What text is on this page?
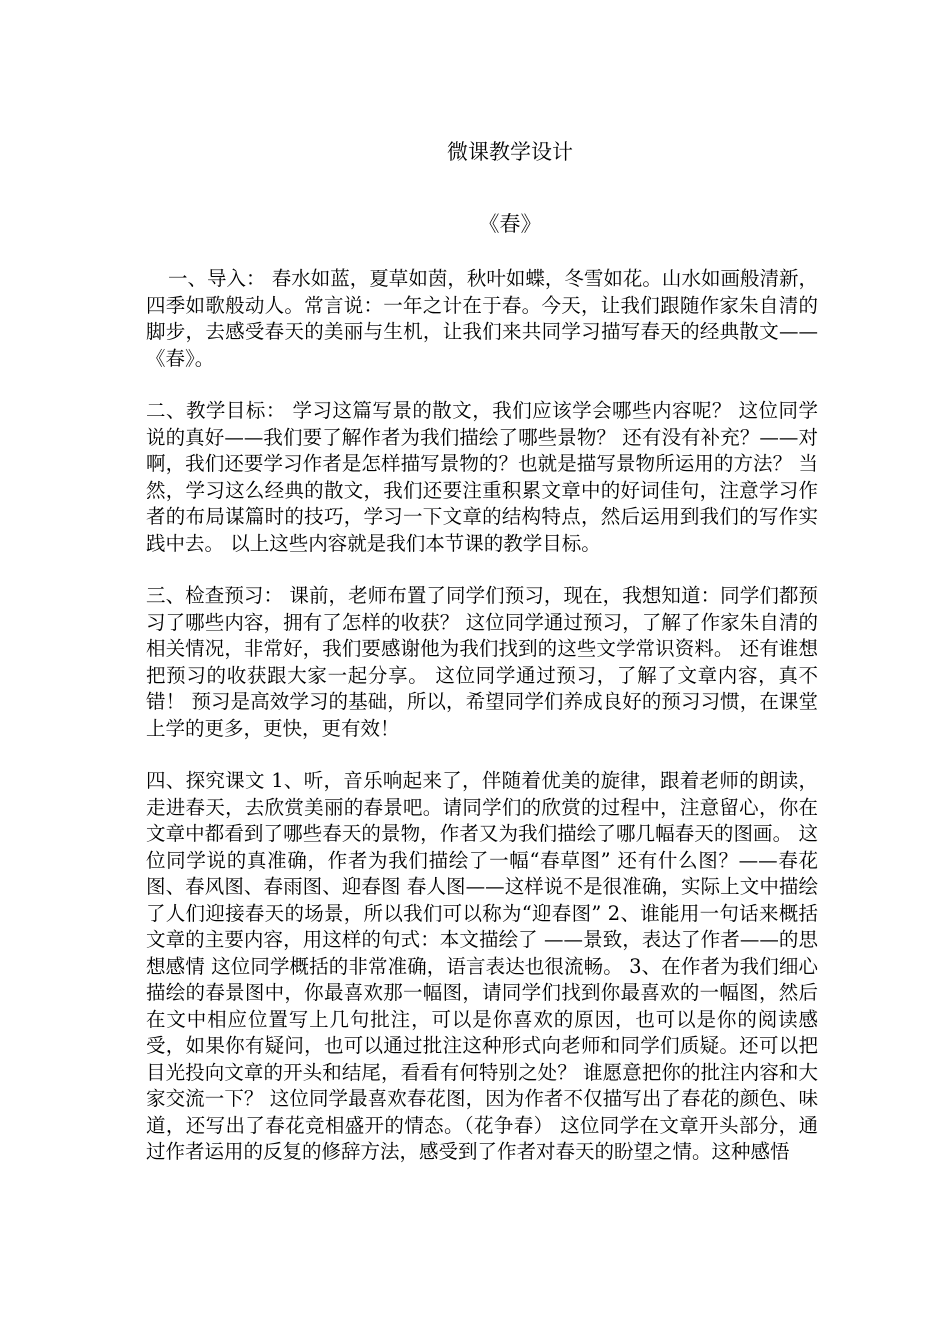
微课教学设计
《春》

一、导入： 春水如蓝，夏草如茵，秋叶如蝶，冬雪如花。山水如画般清新，四季如歌般动人。常言说：一年之计在于春。今天，让我们跟随作家朱自清的脚步，去感受春天的美丽与生机，让我们来共同学习描写春天的经典散文——《春》。

二、教学目标： 学习这篇写景的散文，我们应该学会哪些内容呢？ 这位同学说的真好——我们要了解作者为我们描绘了哪些景物？ 还有没有补充？——对啊，我们还要学习作者是怎样描写景物的？也就是描写景物所运用的方法？ 当然，学习这么经典的散文，我们还要注重积累文章中的好词佳句，注意学习作者的布局谋篇时的技巧，学习一下文章的结构特点，然后运用到我们的写作实践中去。 以上这些内容就是我们本节课的教学目标。

三、检查预习： 课前，老师布置了同学们预习，现在，我想知道：同学们都预习了哪些内容，拥有了怎样的收获？ 这位同学通过预习，了解了作家朱自清的相关情况，非常好，我们要感谢他为我们找到的这些文学常识资料。 还有谁想把预习的收获跟大家一起分享。 这位同学通过预习，了解了文章内容，真不错！ 预习是高效学习的基础，所以，希望同学们养成良好的预习习惯，在课堂上学的更多，更快，更有效！

四、探究课文 1、听，音乐响起来了，伴随着优美的旋律，跟着老师的朗读，走进春天，去欣赏美丽的春景吧。请同学们的欣赏的过程中，注意留心，你在文章中都看到了哪些春天的景物，作者又为我们描绘了哪几幅春天的图画。 这位同学说的真准确，作者为我们描绘了一幅“春草图” 还有什么图？——春花图、春风图、春雨图、迎春图 春人图——这样说不是很准确，实际上文中描绘了人们迎接春天的场景，所以我们可以称为“迎春图” 2、谁能用一句话来概括文章的主要内容，用这样的句式：本文描绘了 ——景致，表达了作者——的思想感情 这位同学概括的非常准确，语言表达也很流畅。 3、在作者为我们细心描绘的春景图中，你最喜欢那一幅图，请同学们找到你最喜欢的一幅图，然后在文中相应位置写上几句批注，可以是你喜欢的原因，也可以是你的阅读感受，如果你有疑问，也可以通过批注这种形式向老师和同学们质疑。还可以把目光投向文章的开头和结尾，看看有何特别之处？ 谁愿意把你的批注内容和大家交流一下？ 这位同学最喜欢春花图，因为作者不仅描写出了春花的颜色、味道，还写出了春花竞相盛开的情态。（花争春） 这位同学在文章开头部分，通过作者运用的反复的修辞方法，感受到了作者对春天的盼望之情。这种感悟
